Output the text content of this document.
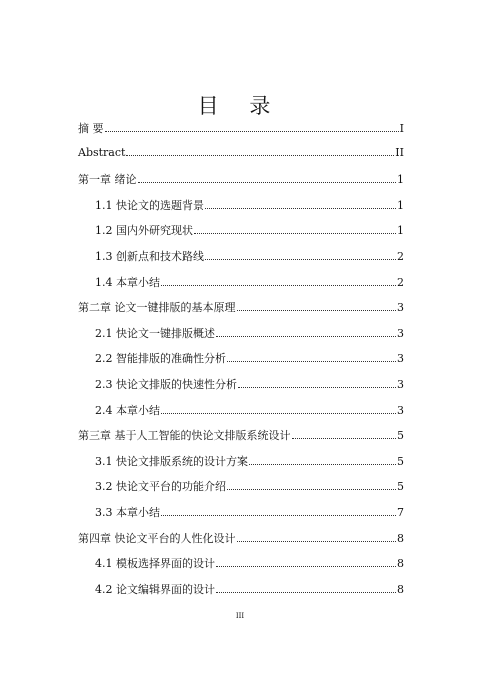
目 录
摘 要	I
Abstract	II
第一章 绪论	1
1.1 快论文的选题背景	1
1.2 国内外研究现状	1
1.3 创新点和技术路线	2
1.4 本章小结	2
第二章 论文一键排版的基本原理	3
2.1 快论文一键排版概述	3
2.2 智能排版的准确性分析	3
2.3 快论文排版的快速性分析	3
2.4 本章小结	3
第三章 基于人工智能的快论文排版系统设计	5
3.1 快论文排版系统的设计方案	5
3.2 快论文平台的功能介绍	5
3.3 本章小结	7
第四章 快论文平台的人性化设计	8
4.1 模板选择界面的设计	8
4.2 论文编辑界面的设计	8
III
